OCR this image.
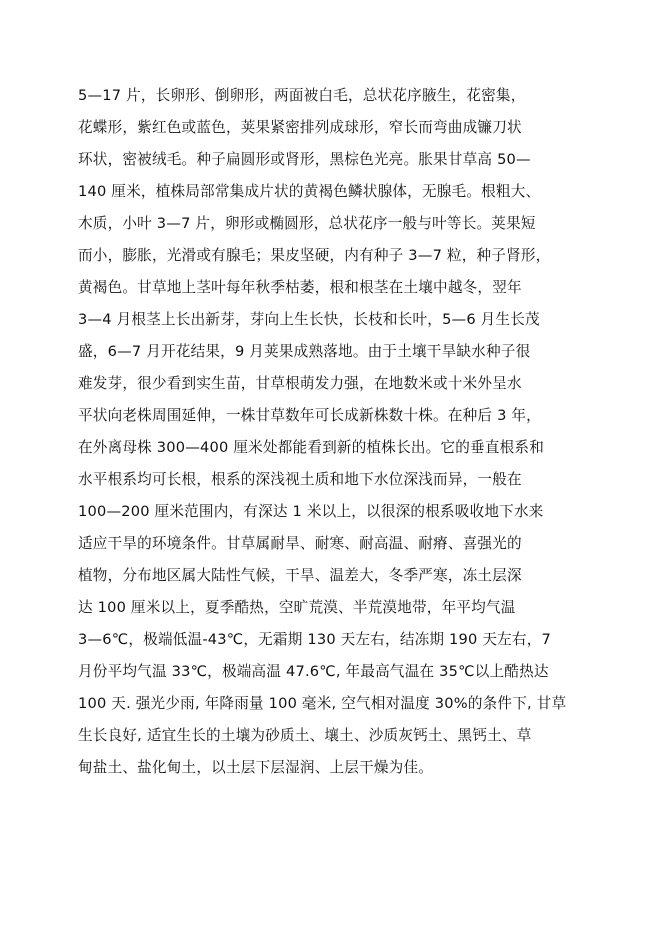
5—17 片，长卵形、倒卵形，两面被白毛，总状花序腋生，花密集，
花蝶形，紫红色或蓝色，荚果紧密排列成球形，窄长而弯曲成镰刀状
环状，密被绒毛。种子扁圆形或肾形，黑棕色光亮。胀果甘草高 50—
140 厘米，植株局部常集成片状的黄褐色鳞状腺体，无腺毛。根粗大、
木质，小叶 3—7 片，卵形或椭圆形，总状花序一般与叶等长。荚果短
而小，膨胀，光滑或有腺毛；果皮坚硬，内有种子 3—7 粒，种子肾形，
黄褐色。甘草地上茎叶每年秋季枯萎，根和根茎在土壤中越冬，翌年
3—4 月根茎上长出新芽，芽向上生长快，长枝和长叶，5—6 月生长茂
盛，6—7 月开花结果，9 月荚果成熟落地。由于土壤干旱缺水种子很
难发芽，很少看到实生苗，甘草根萌发力强，在地数米或十米外呈水
平状向老株周围延伸，一株甘草数年可长成新株数十株。在种后 3 年，
在外离母株 300—400 厘米处都能看到新的植株长出。它的垂直根系和
水平根系均可长根，根系的深浅视土质和地下水位深浅而异，一般在
100—200 厘米范围内，有深达 1 米以上，以很深的根系吸收地下水来
适应干旱的环境条件。甘草属耐旱、耐寒、耐高温、耐瘠、喜强光的
植物，分布地区属大陆性气候，干旱、温差大，冬季严寒，冻土层深
达 100 厘米以上，夏季酷热，空旷荒漠、半荒漠地带，年平均气温
3—6℃，极端低温-43℃，无霜期 130 天左右，结冻期 190 天左右，7
月份平均气温 33℃，极端高温 47.6℃, 年最高气温在 35℃以上酷热达
100 天. 强光少雨, 年降雨量 100 毫米, 空气相对温度 30%的条件下, 甘草
生长良好, 适宜生长的土壤为砂质土、壤土、沙质灰钙土、黑钙土、草
甸盐土、盐化甸土，以土层下层湿润、上层干燥为佳。
